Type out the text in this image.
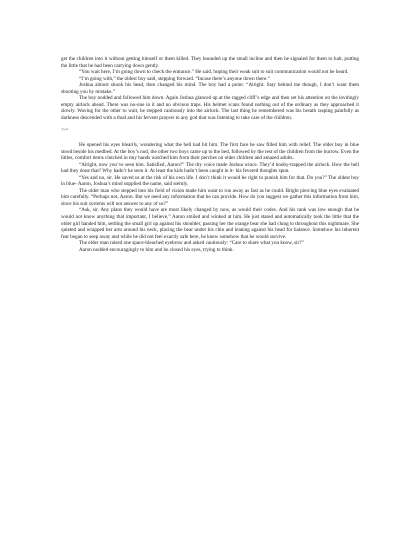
get the children into it without getting himself or them killed. They bounded up the small incline and then he signaled for them to halt, putting the little that he had been carrying down gently.

“You wait here, I’m going down to check the entrance.” He said, hoping their weak suit to suit communication would not be heard.

“I’m going with,” the oldest boy said, stepping forward. “Incase there’s anyone down there.”

Joshua almost shook his head, then changed his mind. The boy had a point. “Alright. Stay behind me though, I don’t want them shooting you by mistake.”

The boy nodded and followed him down. Again Joshua glanced up at the ragged cliff’s edge and then set his attention on the invitingly empty airlock ahead. There was no-one in it and no obvious traps. His helmet scans found nothing out of the ordinary as they approached it slowly. Waving for the other to wait, he stepped cautiously into the airlock. The last thing he remembered was his breath rasping painfully as darkness descended with a thud and his fervent prayers to any god that was listening to take care of the children.

<->

He opened his eyes blearily, wondering what the hell had hit him. The first face he saw filled him with relief. The older boy in blue stood beside his medbed. At the boy’s nod, the other two boys came up to the bed, followed by the rest of the children from the burrow. Even the littles, comfort items clutched in tiny hands watched him from their perches on older children and amazed adults.

“Alright, now you’ve seen him. Satisfied, Aaron?” The dry voice made Joshua wince. They’d booby-trapped the airlock. How the hell had they done that? Why hadn’t he seen it. At least the kids hadn’t been caught in it- his fevered thoughts spun.

“Yes and no, sir. He saved us at the risk of his own life. I don’t think it would be right to punish him for that. Do you?” The oldest boy in blue- Aaron, Joshua’s mind supplied the name, said sternly.

The older man who stepped into his field of vision made him want to run away as fast as he could. Bright piercing blue eyes evaluated him carefully. “Perhaps not, Aaron. But we need any information that he can provide. How do you suggest we gather this information from him, since his suit systems will not answer to any of us?”

“Ask, sir. Any plans they would have are most likely changed by now, as would their codes. And his rank was low enough that he would not know anything that important, I believe,” Aaron smiled and winked at him. He just stared and automatically took the little that the older girl handed him, settling the small girl up against his shoulder, passing her the orange bear she had clung to throughout this nightmare. She quieted and wrapped her arm around his neck, placing the bear under his chin and leaning against his head for balance. Somehow his inherent fear began to seep away and while he did not feel exactly safe here, he knew somehow that he would survive.

The elder man raised one space-bleached eyebrow and asked cautiously: “Care to share what you know, sir?”

Aaron nodded encouragingly to him and he closed his eyes, trying to think.
